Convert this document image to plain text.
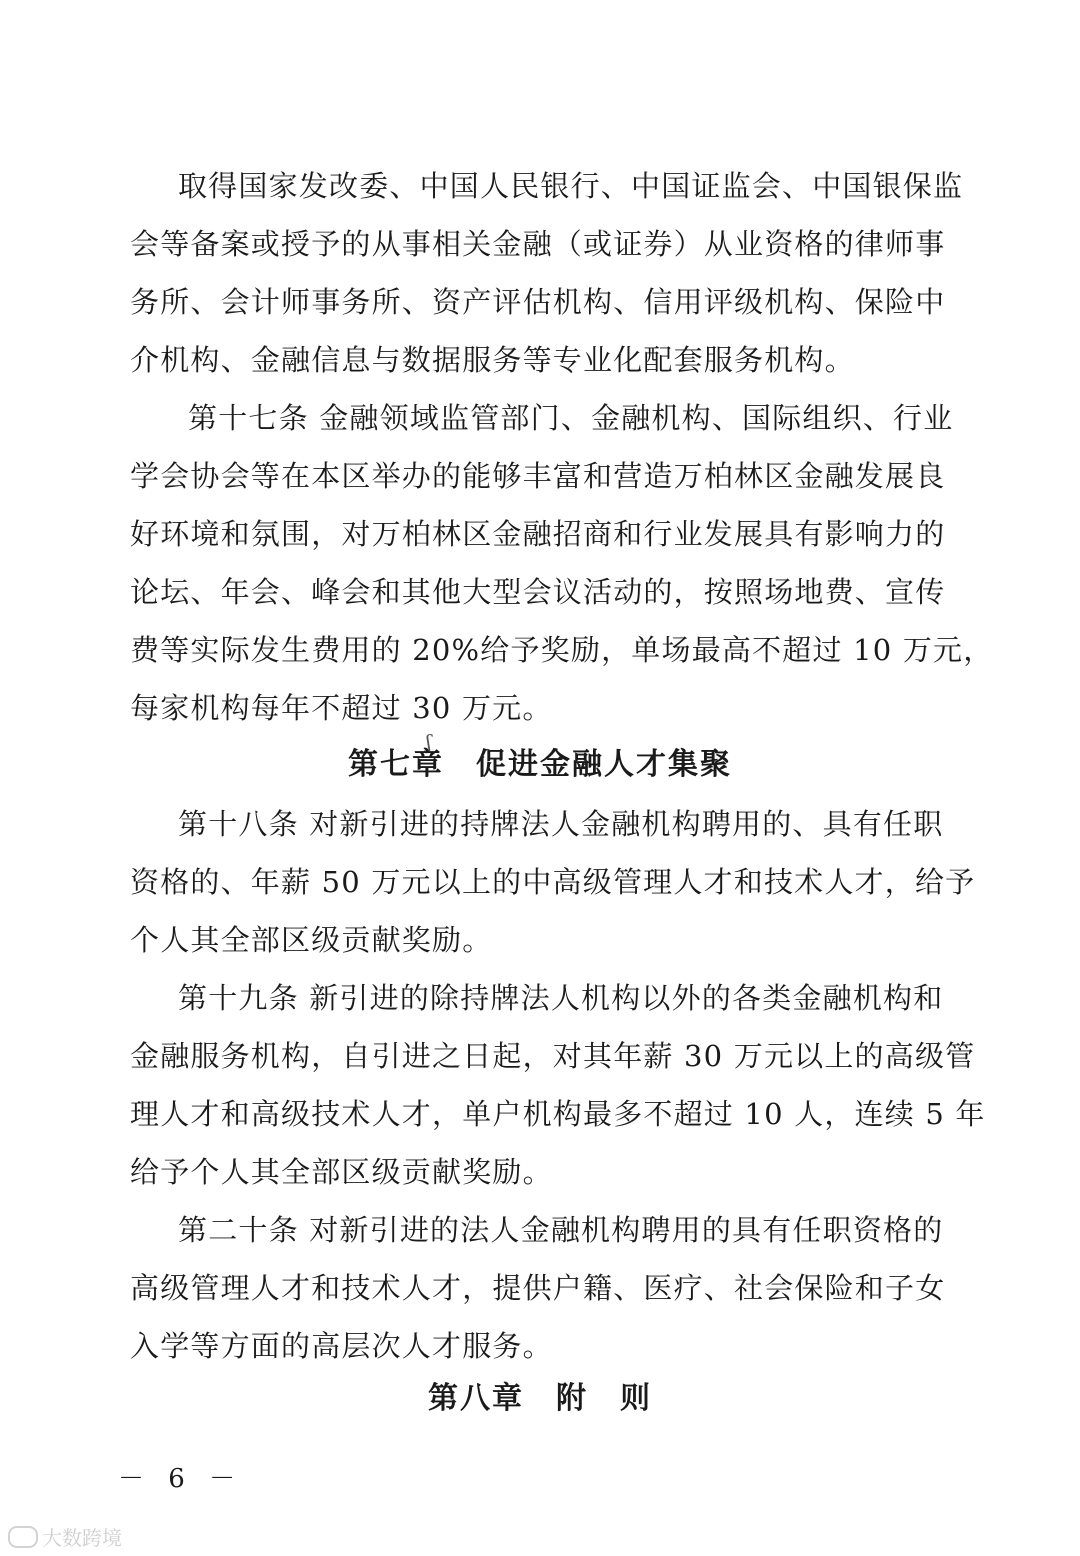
取得国家发改委、中国人民银行、中国证监会、中国银保监
会等备案或授予的从事相关金融（或证券）从业资格的律师事
务所、会计师事务所、资产评估机构、信用评级机构、保险中
介机构、金融信息与数据服务等专业化配套服务机构。
第十七条 金融领域监管部门、金融机构、国际组织、行业
学会协会等在本区举办的能够丰富和营造万柏林区金融发展良
好环境和氛围，对万柏林区金融招商和行业发展具有影响力的
论坛、年会、峰会和其他大型会议活动的，按照场地费、宣传
费等实际发生费用的 20%给予奖励，单场最高不超过 10 万元，
每家机构每年不超过 30 万元。
ʃ
第七章　促进金融人才集聚
第十八条 对新引进的持牌法人金融机构聘用的、具有任职
资格的、年薪 50 万元以上的中高级管理人才和技术人才，给予
个人其全部区级贡献奖励。
第十九条 新引进的除持牌法人机构以外的各类金融机构和
金融服务机构，自引进之日起，对其年薪 30 万元以上的高级管
理人才和高级技术人才，单户机构最多不超过 10 人，连续 5 年
给予个人其全部区级贡献奖励。
第二十条 对新引进的法人金融机构聘用的具有任职资格的
高级管理人才和技术人才，提供户籍、医疗、社会保险和子女
入学等方面的高层次人才服务。
第八章　附　则
－ 6 －
大数跨境
